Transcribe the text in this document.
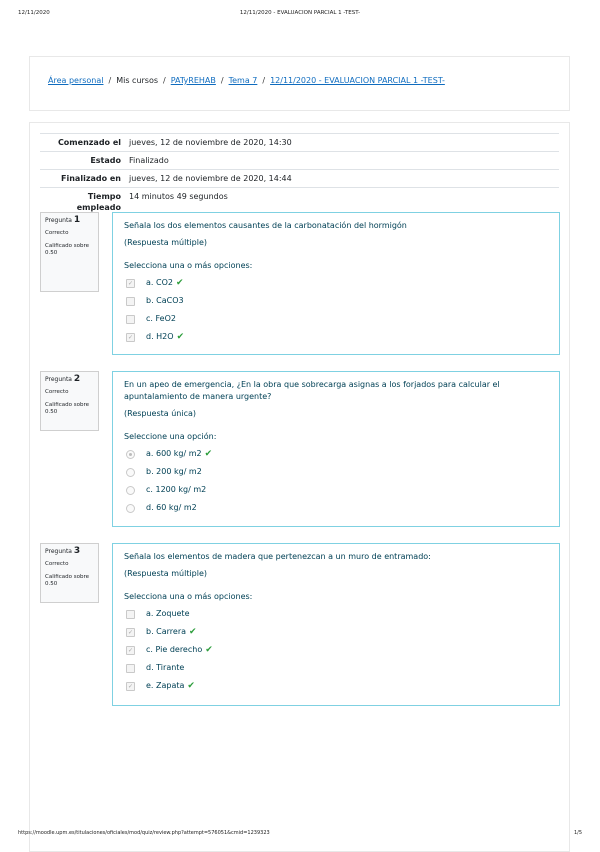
12/11/2020	12/11/2020 - EVALUACION PARCIAL 1 -TEST-
Área personal / Mis cursos / PATyREHAB / Tema 7 / 12/11/2020 - EVALUACION PARCIAL 1 -TEST-
Comenzado el	jueves, 12 de noviembre de 2020, 14:30
Estado	Finalizado
Finalizado en	jueves, 12 de noviembre de 2020, 14:44
Tiempo empleado	14 minutos 49 segundos
Pregunta 1
Correcto
Calificado sobre 0.50
Señala los dos elementos causantes de la carbonatación del hormigón
(Respuesta múltiple)
Selecciona una o más opciones:
✓ a. CO2 ✔
b. CaCO3
c. FeO2
✓ d. H2O ✔
Pregunta 2
Correcto
Calificado sobre 0.50
En un apeo de emergencia, ¿En la obra que sobrecarga asignas a los forjados para calcular el apuntalamiento de manera urgente?
(Respuesta única)
Seleccione una opción:
a. 600 kg/ m2 ✔
b. 200 kg/ m2
c. 1200 kg/ m2
d. 60 kg/ m2
Pregunta 3
Correcto
Calificado sobre 0.50
Señala los elementos de madera que pertenezcan a un muro de entramado:
(Respuesta múltiple)
Selecciona una o más opciones:
a. Zoquete
✓ b. Carrera ✔
✓ c. Pie derecho ✔
d. Tirante
✓ e. Zapata ✔
https://moodle.upm.es/titulaciones/oficiales/mod/quiz/review.php?attempt=576051&cmid=1239323	1/5
